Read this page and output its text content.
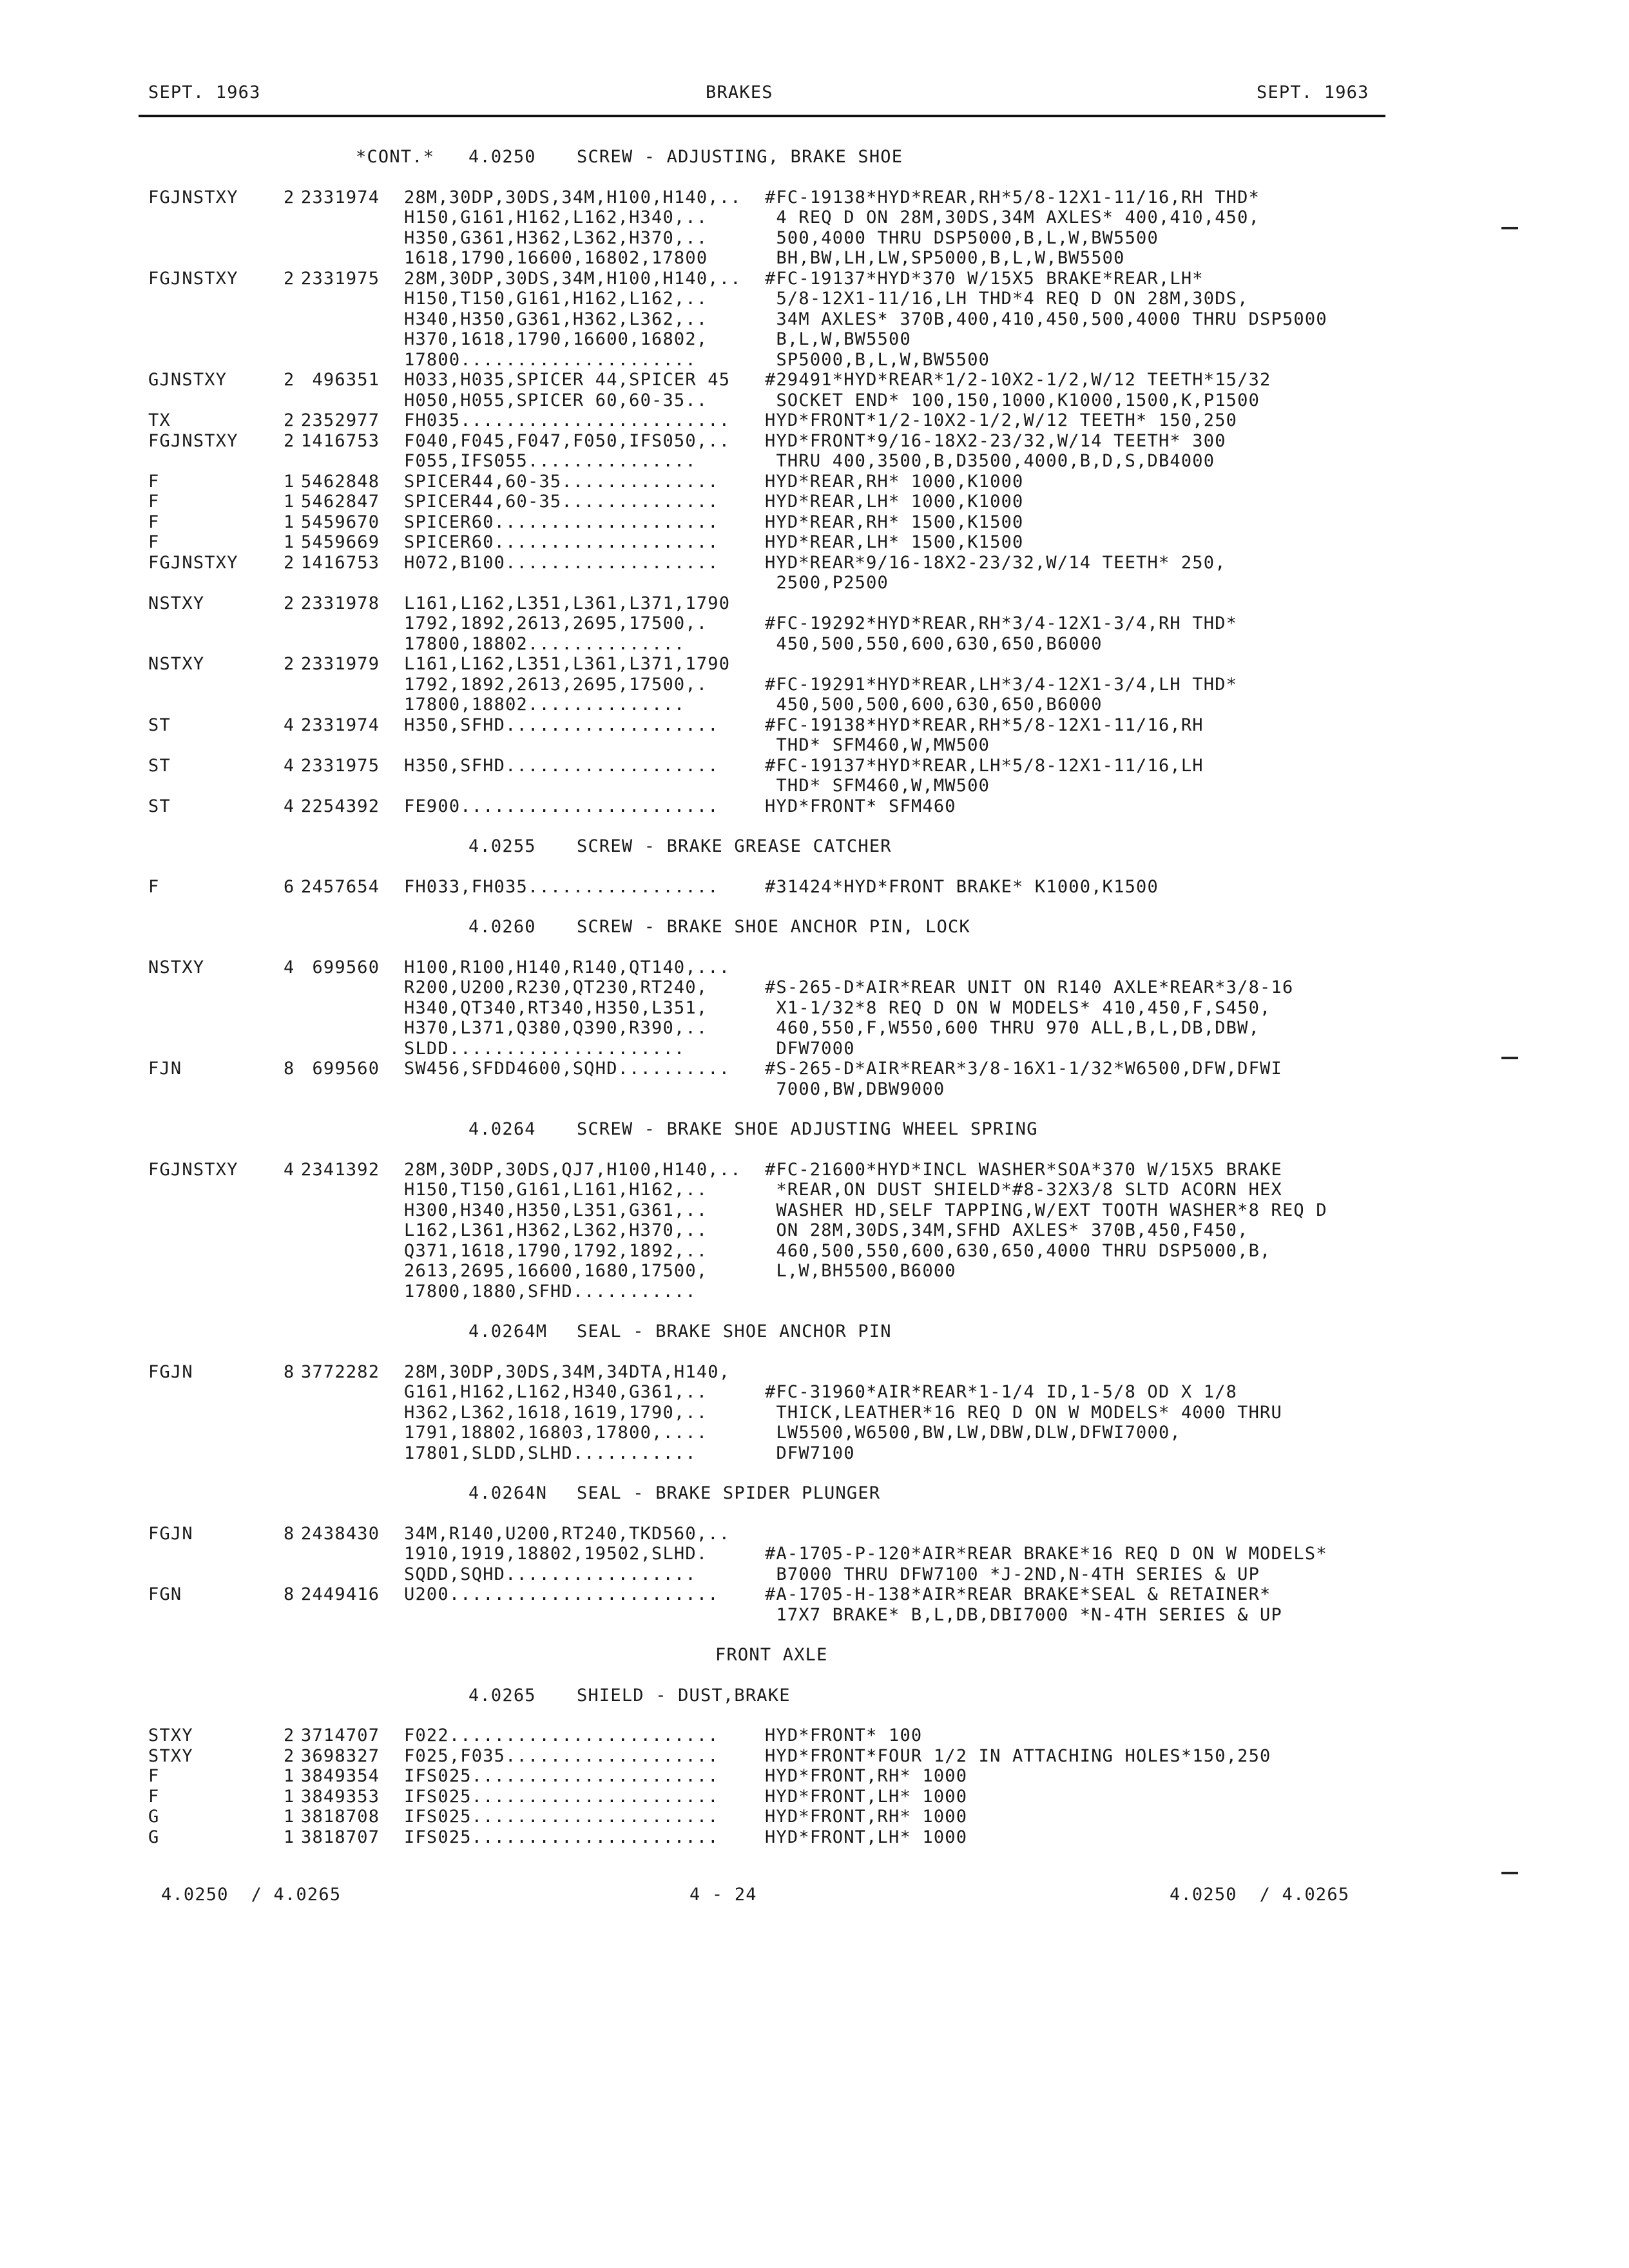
SEPT. 1963	BRAKES	SEPT. 1963
*CONT.* 4.0250 SCREW - ADJUSTING, BRAKE SHOE
FGJNSTXY	2 2331974 28M,30DP,30DS,34M,H100,H140,.. #FC-19138*HYD*REAR,RH*5/8-12X1-11/16,RH THD*
H150,G161,H162,L162,H340,..	4 REQ D ON 28M,30DS,34M AXLES* 400,410,450,
H350,G361,H362,L362,H370,..	500,4000 THRU DSP5000,B,L,W,BW5500
1618,1790,16600,16802,17800	BH,BW,LH,LW,SP5000,B,L,W,BW5500
FGJNSTXY	2 2331975 28M,30DP,30DS,34M,H100,H140,.. #FC-19137*HYD*370 W/15X5 BRAKE*REAR,LH*
H150,T150,G161,H162,L162,..	5/8-12X1-11/16,LH THD*4 REQ D ON 28M,30DS,
H340,H350,G361,H362,L362,..	34M AXLES* 370B,400,410,450,500,4000 THRU DSP5000
H370,1618,1790,16600,16802,	B,L,W,BW5500
17800.....................	SP5000,B,L,W,BW5500
GJNSTXY	2 496351 H033,H035,SPICER 44,SPICER 45 #29491*HYD*REAR*1/2-10X2-1/2,W/12 TEETH*15/32
H050,H055,SPICER 60,60-35..	SOCKET END* 100,150,1000,K1000,1500,K,P1500
TX	2 2352977 FH035........................ HYD*FRONT*1/2-10X2-1/2,W/12 TEETH* 150,250
FGJNSTXY	2 1416753 F040,F045,F047,F050,IFS050,.. HYD*FRONT*9/16-18X2-23/32,W/14 TEETH* 300
F055,IFS055...............	THRU 400,3500,B,D3500,4000,B,D,S,DB4000
F	1 5462848 SPICER44,60-35..............	HYD*REAR,RH* 1000,K1000
F	1 5462847 SPICER44,60-35..............	HYD*REAR,LH* 1000,K1000
F	1 5459670 SPICER60....................	HYD*REAR,RH* 1500,K1500
F	1 5459669 SPICER60....................	HYD*REAR,LH* 1500,K1500
FGJNSTXY	2 1416753 H072,B100...................	HYD*REAR*9/16-18X2-23/32,W/14 TEETH* 250,
2500,P2500
NSTXY	2 2331978 L161,L162,L351,L361,L371,1790
1792,1892,2613,2695,17500,.	#FC-19292*HYD*REAR,RH*3/4-12X1-3/4,RH THD*
17800,18802..............	450,500,550,600,630,650,B6000
NSTXY	2 2331979 L161,L162,L351,L361,L371,1790
1792,1892,2613,2695,17500,.	#FC-19291*HYD*REAR,LH*3/4-12X1-3/4,LH THD*
17800,18802..............	450,500,500,600,630,650,B6000
ST	4 2331974 H350,SFHD...................	#FC-19138*HYD*REAR,RH*5/8-12X1-11/16,RH
THD* SFM460,W,MW500
ST	4 2331975 H350,SFHD...................	#FC-19137*HYD*REAR,LH*5/8-12X1-11/16,LH
THD* SFM460,W,MW500
ST	4 2254392 FE900.......................	HYD*FRONT* SFM460
4.0255 SCREW - BRAKE GREASE CATCHER
F	6 2457654 FH033,FH035.................	#31424*HYD*FRONT BRAKE* K1000,K1500
4.0260 SCREW - BRAKE SHOE ANCHOR PIN, LOCK
NSTXY	4 699560 H100,R100,H140,R140,QT140,...
R200,U200,R230,QT230,RT240,	#S-265-D*AIR*REAR UNIT ON R140 AXLE*REAR*3/8-16
H340,QT340,RT340,H350,L351,	X1-1/32*8 REQ D ON W MODELS* 410,450,F,S450,
H370,L371,Q380,Q390,R390,..	460,550,F,W550,600 THRU 970 ALL,B,L,DB,DBW,
SLDD.....................	DFW7000
FJN	8 699560 SW456,SFDD4600,SQHD.......... #S-265-D*AIR*REAR*3/8-16X1-1/32*W6500,DFW,DFWI
7000,BW,DBW9000
4.0264 SCREW - BRAKE SHOE ADJUSTING WHEEL SPRING
FGJNSTXY	4 2341392 28M,30DP,30DS,QJ7,H100,H140,.. #FC-21600*HYD*INCL WASHER*SOA*370 W/15X5 BRAKE
H150,T150,G161,L161,H162,..	*REAR,ON DUST SHIELD*#8-32X3/8 SLTD ACORN HEX
H300,H340,H350,L351,G361,..	WASHER HD,SELF TAPPING,W/EXT TOOTH WASHER*8 REQ D
L162,L361,H362,L362,H370,..	ON 28M,30DS,34M,SFHD AXLES* 370B,450,F450,
Q371,1618,1790,1792,1892,..	460,500,550,600,630,650,4000 THRU DSP5000,B,
2613,2695,16600,1680,17500,	L,W,BH5500,B6000
17800,1880,SFHD...........
4.0264M SEAL - BRAKE SHOE ANCHOR PIN
FGJN	8 3772282 28M,30DP,30DS,34M,34DTA,H140,
G161,H162,L162,H340,G361,..	#FC-31960*AIR*REAR*1-1/4 ID,1-5/8 OD X 1/8
H362,L362,1618,1619,1790,..	THICK,LEATHER*16 REQ D ON W MODELS* 4000 THRU
1791,18802,16803,17800,....	LW5500,W6500,BW,LW,DBW,DLW,DFWI7000,
17801,SLDD,SLHD...........	DFW7100
4.0264N SEAL - BRAKE SPIDER PLUNGER
FGJN	8 2438430 34M,R140,U200,RT240,TKD560,..
1910,1919,18802,19502,SLHD.	#A-1705-P-120*AIR*REAR BRAKE*16 REQ D ON W MODELS*
SQDD,SQHD.................	B7000 THRU DFW7100 *J-2ND,N-4TH SERIES & UP
FGN	8 2449416 U200........................	#A-1705-H-138*AIR*REAR BRAKE*SEAL & RETAINER*
17X7 BRAKE* B,L,DB,DBI7000 *N-4TH SERIES & UP
FRONT AXLE
4.0265 SHIELD - DUST,BRAKE
STXY	2 3714707 F022........................	HYD*FRONT* 100
STXY	2 3698327 F025,F035...................	HYD*FRONT*FOUR 1/2 IN ATTACHING HOLES*150,250
F	1 3849354 IFS025......................	HYD*FRONT,RH* 1000
F	1 3849353 IFS025......................	HYD*FRONT,LH* 1000
G	1 3818708 IFS025......................	HYD*FRONT,RH* 1000
G	1 3818707 IFS025......................	HYD*FRONT,LH* 1000
4.0250  / 4.0265	4 - 24	4.0250  / 4.0265
